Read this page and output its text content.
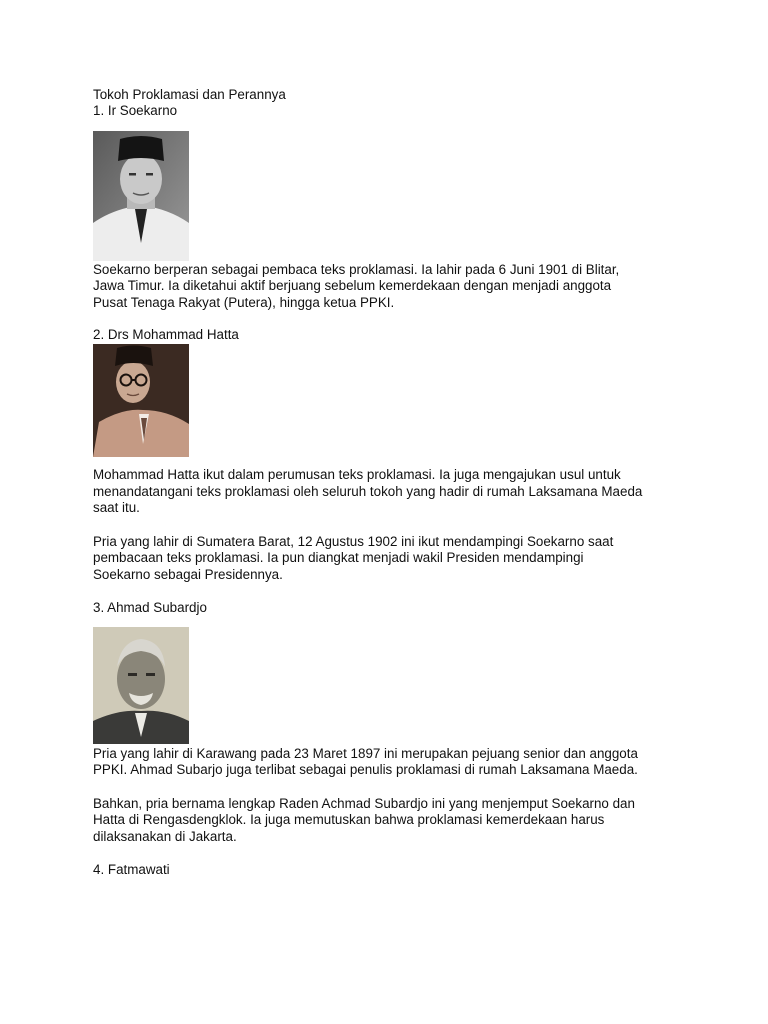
Tokoh Proklamasi dan Perannya
1. Ir Soekarno
Soekarno berperan sebagai pembaca teks proklamasi. Ia lahir pada 6 Juni 1901 di Blitar,
Jawa Timur. Ia diketahui aktif berjuang sebelum kemerdekaan dengan menjadi anggota
Pusat Tenaga Rakyat (Putera), hingga ketua PPKI.
2. Drs Mohammad Hatta
Mohammad Hatta ikut dalam perumusan teks proklamasi. Ia juga mengajukan usul untuk
menandatangani teks proklamasi oleh seluruh tokoh yang hadir di rumah Laksamana Maeda
saat itu.
Pria yang lahir di Sumatera Barat, 12 Agustus 1902 ini ikut mendampingi Soekarno saat
pembacaan teks proklamasi. Ia pun diangkat menjadi wakil Presiden mendampingi
Soekarno sebagai Presidennya.
3. Ahmad Subardjo
Pria yang lahir di Karawang pada 23 Maret 1897 ini merupakan pejuang senior dan anggota
PPKI. Ahmad Subarjo juga terlibat sebagai penulis proklamasi di rumah Laksamana Maeda.
Bahkan, pria bernama lengkap Raden Achmad Subardjo ini yang menjemput Soekarno dan
Hatta di Rengasdengklok. Ia juga memutuskan bahwa proklamasi kemerdekaan harus
dilaksanakan di Jakarta.
4. Fatmawati
